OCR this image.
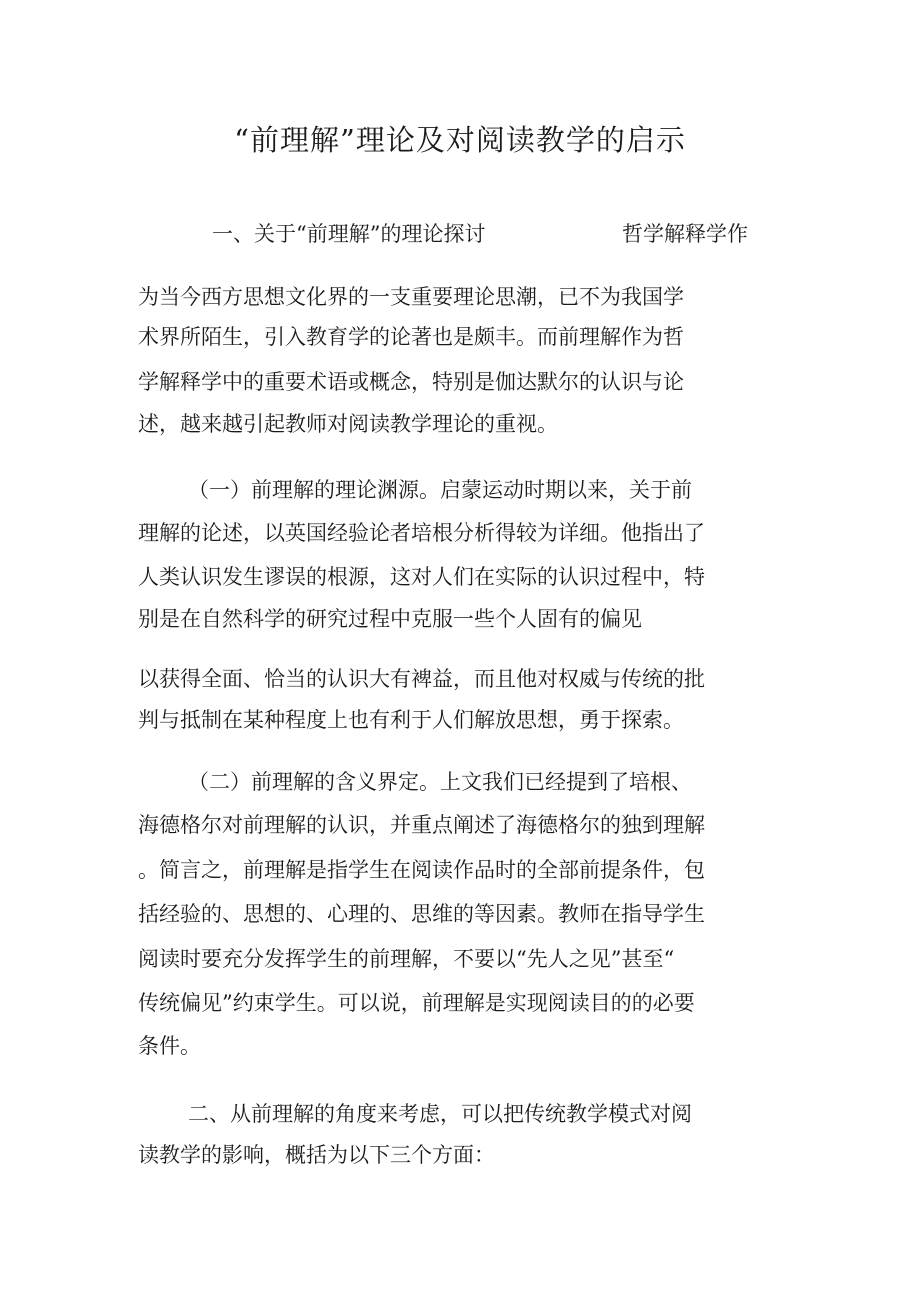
“前理解”理论及对阅读教学的启示
一、关于“前理解”的理论探讨	哲学解释学作
为当今西方思想文化界的一支重要理论思潮，已不为我国学
术界所陌生，引入教育学的论著也是颇丰。而前理解作为哲
学解释学中的重要术语或概念，特别是伽达默尔的认识与论
述，越来越引起教师对阅读教学理论的重视。
（一）前理解的理论渊源。启蒙运动时期以来，关于前
理解的论述，以英国经验论者培根分析得较为详细。他指出了
人类认识发生谬误的根源，这对人们在实际的认识过程中，特
别是在自然科学的研究过程中克服一些个人固有的偏见
以获得全面、恰当的认识大有裨益，而且他对权威与传统的批
判与抵制在某种程度上也有利于人们解放思想，勇于探索。
（二）前理解的含义界定。上文我们已经提到了培根、
海德格尔对前理解的认识，并重点阐述了海德格尔的独到理解
。简言之，前理解是指学生在阅读作品时的全部前提条件，包
括经验的、思想的、心理的、思维的等因素。教师在指导学生
阅读时要充分发挥学生的前理解，不要以“先人之见”甚至“
传统偏见”约束学生。可以说，前理解是实现阅读目的的必要
条件。
二、从前理解的角度来考虑，可以把传统教学模式对阅
读教学的影响，概括为以下三个方面：
